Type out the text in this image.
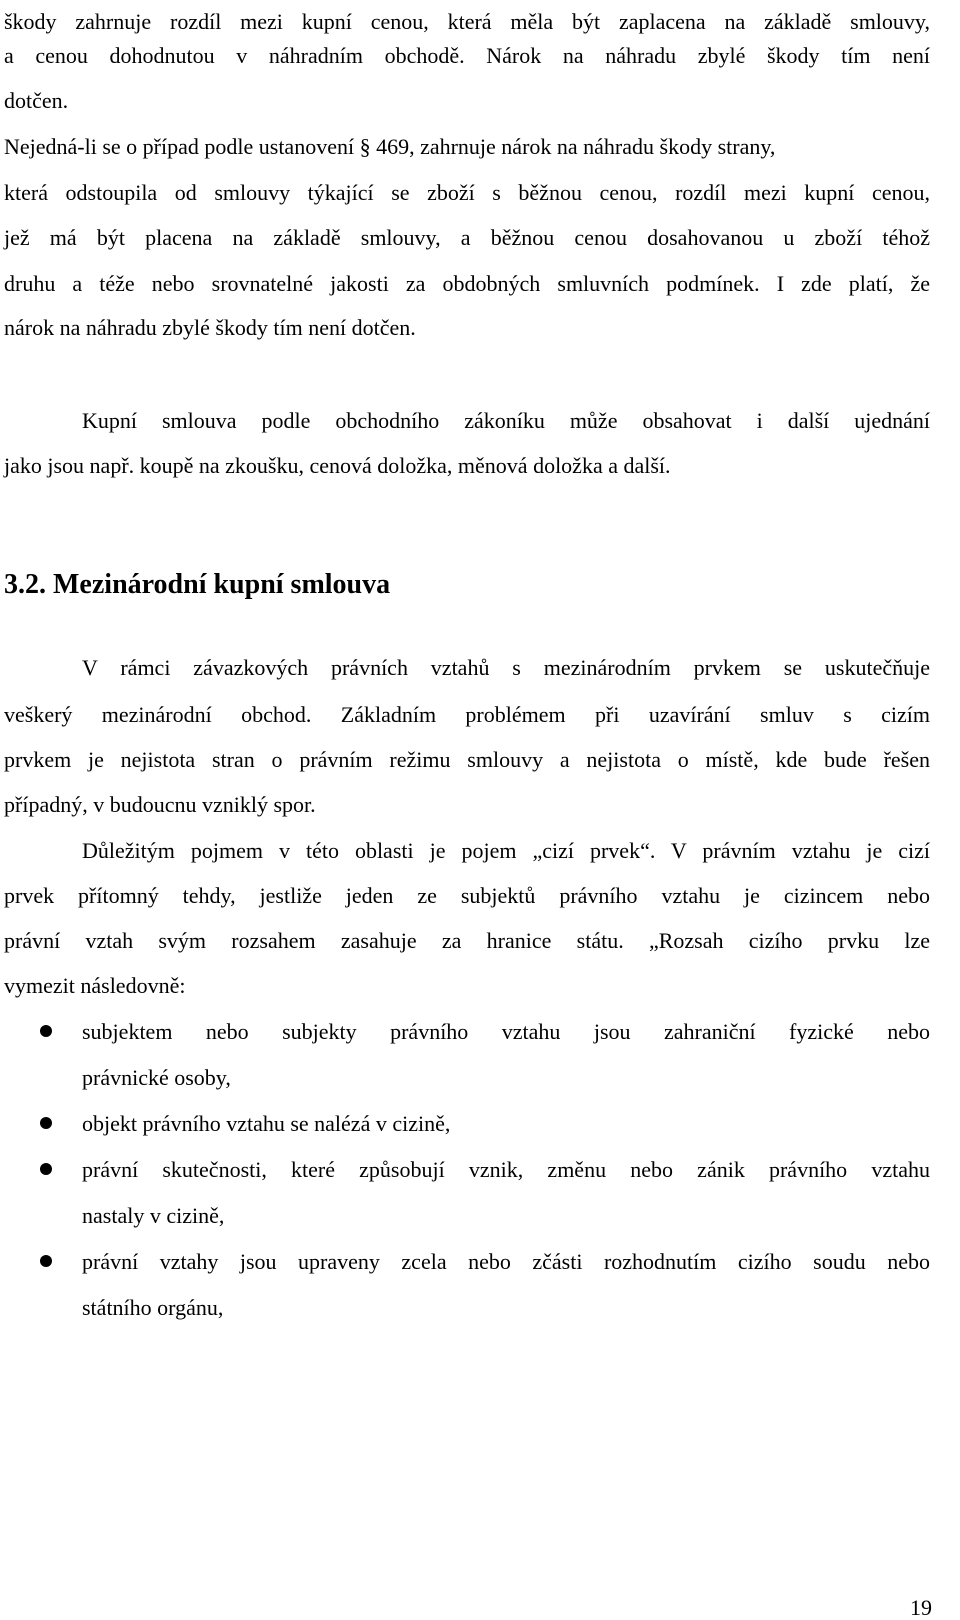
škody zahrnuje rozdíl mezi kupní cenou, která měla být zaplacena na základě smlouvy,
a cenou dohodnutou v náhradním obchodě. Nárok na náhradu zbylé škody tím není
dotčen.
Nejedná-li se o případ podle ustanovení § 469, zahrnuje nárok na náhradu škody strany,
která odstoupila od smlouvy týkající se zboží s běžnou cenou, rozdíl mezi kupní cenou,
jež má být placena na základě smlouvy, a běžnou cenou dosahovanou u zboží téhož
druhu a téže nebo srovnatelné jakosti za obdobných smluvních podmínek. I zde platí, že
nárok na náhradu zbylé škody tím není dotčen.
Kupní smlouva podle obchodního zákoníku může obsahovat i další ujednání
jako jsou např. koupě na zkoušku, cenová doložka, měnová doložka a další.
3.2. Mezinárodní kupní smlouva
V rámci závazkových právních vztahů s mezinárodním prvkem se uskutečňuje
veškerý mezinárodní obchod. Základním problémem při uzavírání smluv s cizím
prvkem je nejistota stran o právním režimu smlouvy a nejistota o místě, kde bude řešen
případný, v budoucnu vzniklý spor.
Důležitým pojmem v této oblasti je pojem „cizí prvek“. V právním vztahu je cizí
prvek přítomný tehdy, jestliže jeden ze subjektů právního vztahu je cizincem nebo
právní vztah svým rozsahem zasahuje za hranice státu. „Rozsah cizího prvku lze
vymezit následovně:
subjektem nebo subjekty právního vztahu jsou zahraniční fyzické nebo
právnické osoby,
objekt právního vztahu se nalézá v cizině,
právní skutečnosti, které způsobují vznik, změnu nebo zánik právního vztahu
nastaly v cizině,
právní vztahy jsou upraveny zcela nebo zčásti rozhodnutím cizího soudu nebo
státního orgánu,
19
